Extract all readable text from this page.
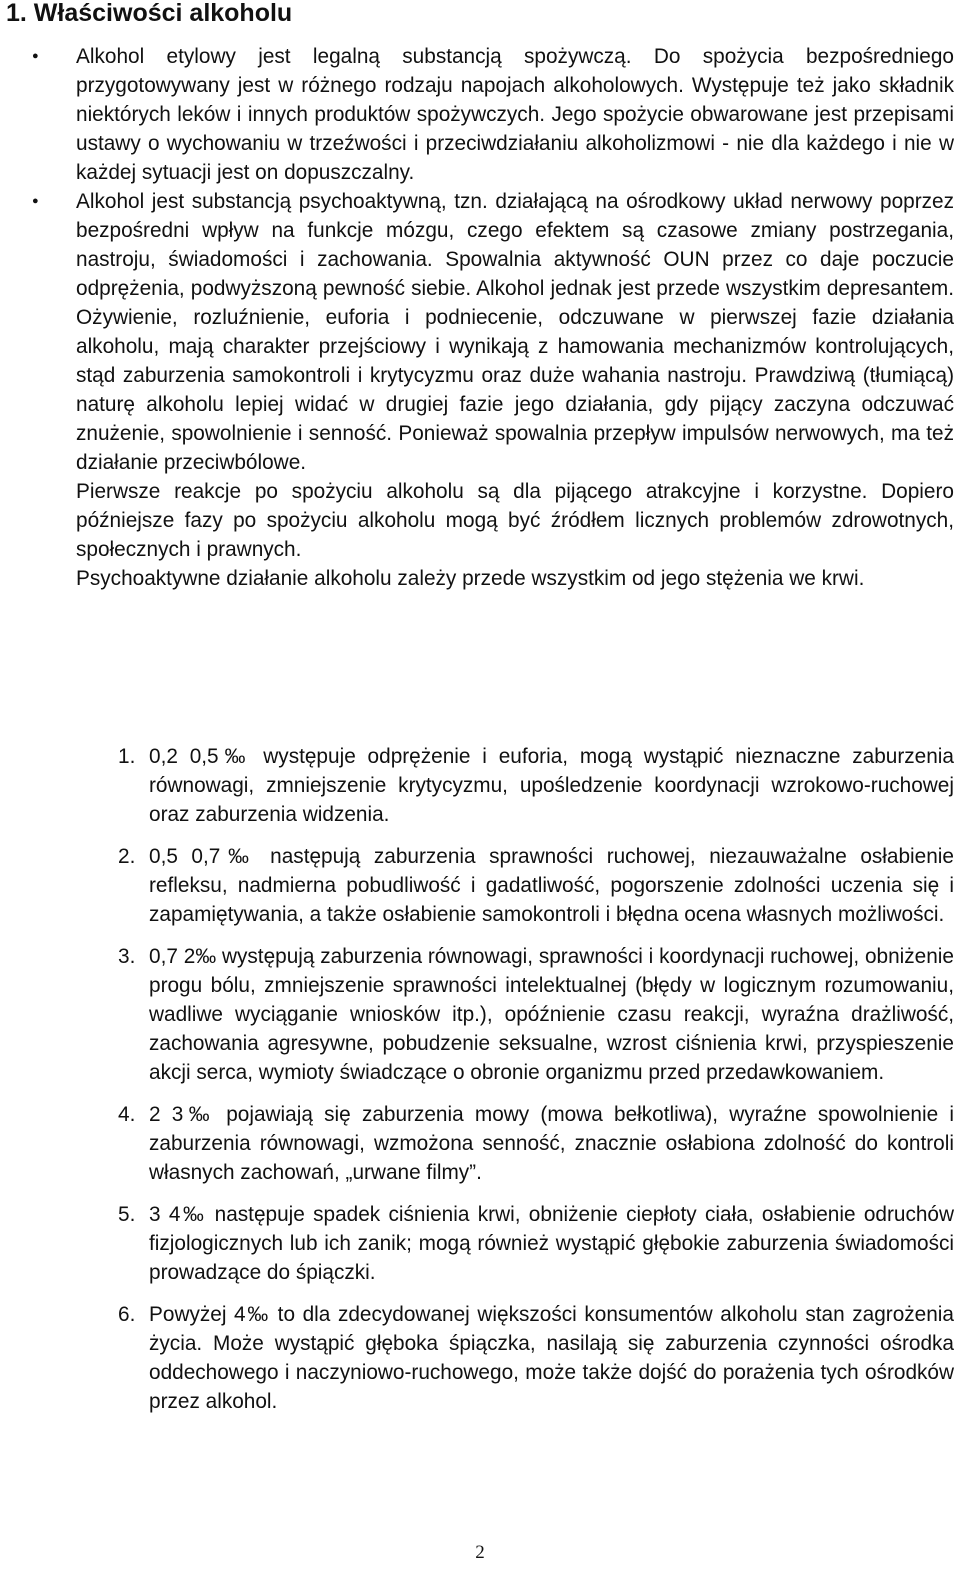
1. Właściwości alkoholu
● Alkohol etylowy jest legalną substancją spożywczą. Do spożycia bezpośredniego przygotowywany jest w różnego rodzaju napojach alkoholowych. Występuje też jako składnik niektórych leków i innych produktów spożywczych. Jego spożycie obwarowane jest przepisami ustawy o wychowaniu w trzeźwości i przeciwdziałaniu alkoholizmowi - nie dla każdego i nie w każdej sytuacji jest on dopuszczalny.

● Alkohol jest substancją psychoaktywną, tzn. działającą na ośrodkowy układ nerwowy poprzez bezpośredni wpływ na funkcje mózgu, czego efektem są czasowe zmiany postrzegania, nastroju, świadomości i zachowania. Spowalnia aktywność OUN przez co daje poczucie odprężenia, podwyższoną pewność siebie. Alkohol jednak jest przede wszystkim depresantem. Ożywienie, rozluźnienie, euforia i podniecenie, odczuwane w pierwszej fazie działania alkoholu, mają charakter przejściowy i wynikają z hamowania mechanizmów kontrolujących, stąd zaburzenia samokontroli i krytycyzmu oraz duże wahania nastroju. Prawdziwą (tłumiącą) naturę alkoholu lepiej widać w drugiej fazie jego działania, gdy pijący zaczyna odczuwać znużenie, spowolnienie i senność. Ponieważ spowalnia przepływ impulsów nerwowych, ma też działanie przeciwbólowe.

Pierwsze reakcje po spożyciu alkoholu są dla pijącego atrakcyjne i korzystne. Dopiero późniejsze fazy po spożyciu alkoholu mogą być źródłem licznych problemów zdrowotnych, społecznych i prawnych.

Psychoaktywne działanie alkoholu zależy przede wszystkim od jego stężenia we krwi.

1. 0,2 0,5‰ występuje odprężenie i euforia, mogą wystąpić nieznaczne zaburzenia równowagi, zmniejszenie krytycyzmu, upośledzenie koordynacji wzrokowo-ruchowej oraz zaburzenia widzenia.
2. 0,5 0,7‰ następują zaburzenia sprawności ruchowej, niezauważalne osłabienie refleksu, nadmierna pobudliwość i gadatliwość, pogorszenie zdolności uczenia się i zapamiętywania, a także osłabienie samokontroli i błędna ocena własnych możliwości.
3. 0,7 2‰ występują zaburzenia równowagi, sprawności i koordynacji ruchowej, obniżenie progu bólu, zmniejszenie sprawności intelektualnej (błędy w logicznym rozumowaniu, wadliwe wyciąganie wniosków itp.), opóźnienie czasu reakcji, wyraźna drażliwość, zachowania agresywne, pobudzenie seksualne, wzrost ciśnienia krwi, przyspieszenie akcji serca, wymioty świadczące o obronie organizmu przed przedawkowaniem.
4. 2 3‰ pojawiają się zaburzenia mowy (mowa bełkotliwa), wyraźne spowolnienie i zaburzenia równowagi, wzmożona senność, znacznie osłabiona zdolność do kontroli własnych zachowań, „urwane filmy”.
5. 3 4‰ następuje spadek ciśnienia krwi, obniżenie ciepłoty ciała, osłabienie odruchów fizjologicznych lub ich zanik; mogą również wystąpić głębokie zaburzenia świadomości prowadzące do śpiączki.
6. Powyżej 4‰ to dla zdecydowanej większości konsumentów alkoholu stan zagrożenia życia. Może wystąpić głęboka śpiączka, nasilają się zaburzenia czynności ośrodka oddechowego i naczyniowo-ruchowego, może także dojść do porażenia tych ośrodków przez alkohol.
2
